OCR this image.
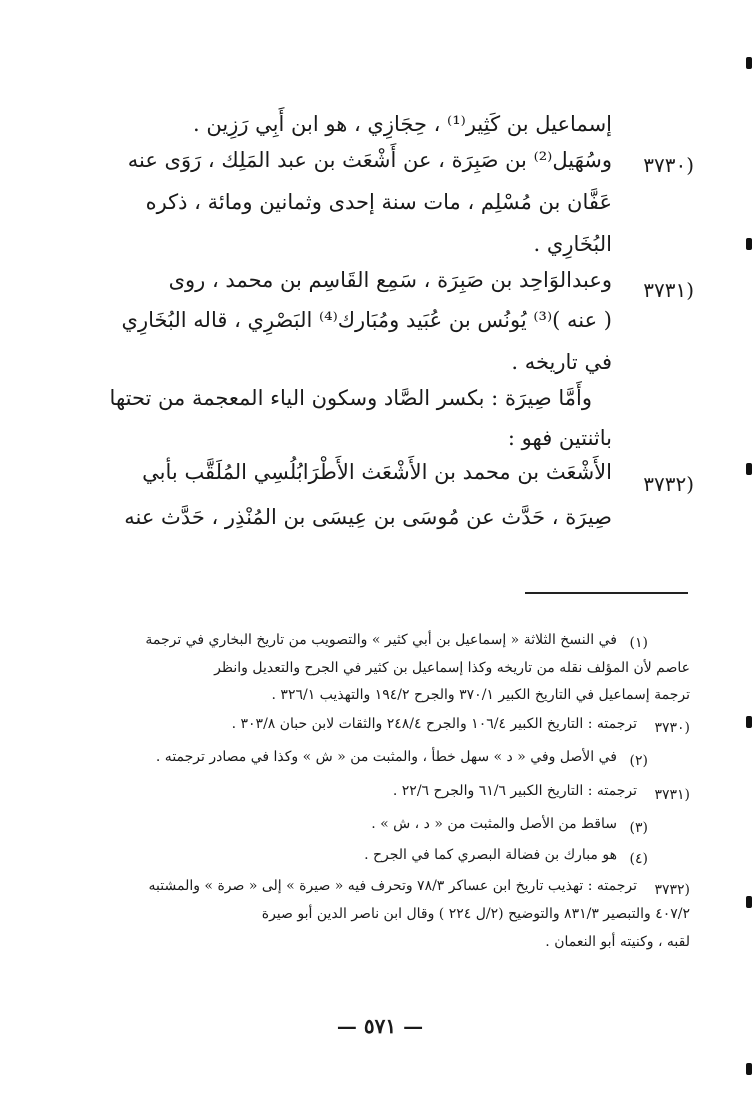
إسماعيل بن كَثِير⁽¹⁾ ، حِجَازِي ، هو ابن أَبِي رَزِين .
(٣٧٣٠
وسُهَيل⁽²⁾ بن صَبِرَة ، عن أَشْعَث بن عبد المَلِك ، رَوَى عنه
عَفَّان بن مُسْلِم ، مات سنة إحدى وثمانين ومائة ، ذكره
البُخَارِي .
(٣٧٣١
وعبدالوَاحِد بن صَبِرَة ، سَمِع القَاسِم بن محمد ، روى
( عنه )⁽³⁾ يُونُس بن عُبَيد ومُبَارك⁽⁴⁾ البَصْرِي ، قاله البُخَارِي
في تاريخه .
وأَمَّا صِيرَة : بكسر الصَّاد وسكون الياء المعجمة من تحتها
باثنتين فهو :
(٣٧٣٢
الأَشْعَث بن محمد بن الأَشْعَث الأَطْرَابُلُسِي المُلَقَّب بأبي
صِيرَة ، حَدَّث عن مُوسَى بن عِيسَى بن المُنْذِر ، حَدَّث عنه
(١)
في النسخ الثلاثة « إسماعيل بن أبي كثير » والتصويب من تاريخ البخاري في ترجمة
عاصم لأن المؤلف نقله من تاريخه وكذا إسماعيل بن كثير في الجرح والتعديل وانظر
ترجمة إسماعيل في التاريخ الكبير ٣٧٠/١ والجرح ١٩٤/٢ والتهذيب ٣٢٦/١ .
(٣٧٣٠
ترجمته : التاريخ الكبير ١٠٦/٤ والجرح ٢٤٨/٤ والثقات لابن حبان ٣٠٣/٨ .
(٢)
في الأصل وفي « د » سهل خطأ ، والمثبت من « ش » وكذا في مصادر ترجمته .
(٣٧٣١
ترجمته : التاريخ الكبير ٦١/٦ والجرح ٢٢/٦ .
(٣)
ساقط من الأصل والمثبت من « د ، ش » .
(٤)
هو مبارك بن فضالة البصري كما في الجرح .
(٣٧٣٢
ترجمته : تهذيب تاريخ ابن عساكر ٧٨/٣ وتحرف فيه « صيرة » إلى « صرة » والمشتبه
٤٠٧/٢ والتبصير ٨٣١/٣ والتوضيح (٢/ل ٢٢٤ ) وقال ابن ناصر الدين أبو صيرة
لقبه ، وكنيته أبو النعمان .
— ٥٧١ —
